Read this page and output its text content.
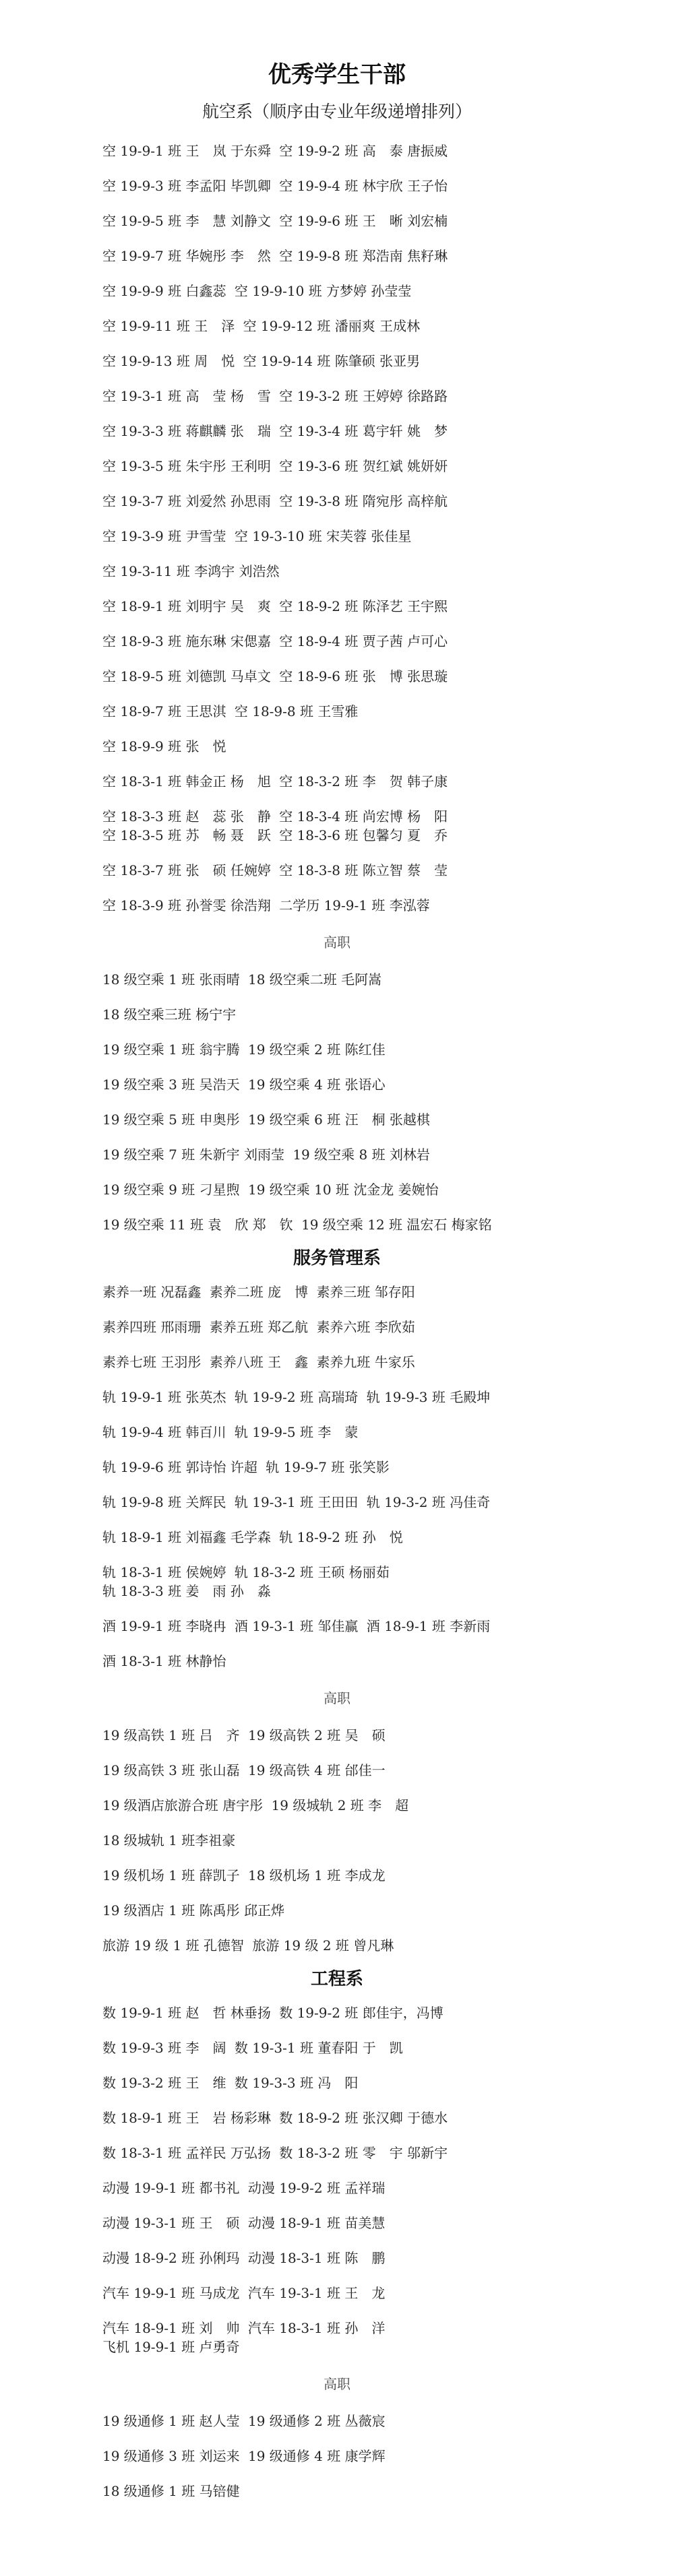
优秀学生干部
航空系（顺序由专业年级递增排列）
空 19-9-1 班 王　岚 于东舜 空 19-9-2 班 高　泰 唐振威
空 19-9-3 班 李孟阳 毕凯卿 空 19-9-4 班 林宇欣 王子怡
空 19-9-5 班 李　慧 刘静文 空 19-9-6 班 王　晰 刘宏楠
空 19-9-7 班 华婉彤 李　然 空 19-9-8 班 郑浩南 焦籽琳
空 19-9-9 班 白鑫蕊 空 19-9-10 班 方梦婷 孙莹莹
空 19-9-11 班 王　泽 空 19-9-12 班 潘丽爽 王成林
空 19-9-13 班 周　悦 空 19-9-14 班 陈肇硕 张亚男
空 19-3-1 班 高　莹 杨　雪 空 19-3-2 班 王婷婷 徐路路
空 19-3-3 班 蒋麒麟 张　瑞 空 19-3-4 班 葛宇轩 姚　梦
空 19-3-5 班 朱宇彤 王利明 空 19-3-6 班 贺红斌 姚妍妍
空 19-3-7 班 刘爱然 孙思雨 空 19-3-8 班 隋宛彤 高梓航
空 19-3-9 班 尹雪莹 空 19-3-10 班 宋芙蓉 张佳星
空 19-3-11 班 李鸿宇 刘浩然
空 18-9-1 班 刘明宇 吴　爽 空 18-9-2 班 陈泽艺 王宇熙
空 18-9-3 班 施东琳 宋偲嘉 空 18-9-4 班 贾子茜 卢可心
空 18-9-5 班 刘德凯 马卓文 空 18-9-6 班 张　博 张思璇
空 18-9-7 班 王思淇 空 18-9-8 班 王雪雅
空 18-9-9 班 张　悦
空 18-3-1 班 韩金正 杨　旭 空 18-3-2 班 李　贺 韩子康
空 18-3-3 班 赵　蕊 张　静 空 18-3-4 班 尚宏博 杨　阳
空 18-3-5 班 苏　畅 聂　跃 空 18-3-6 班 包馨匀 夏　乔
空 18-3-7 班 张　硕 任婉婷 空 18-3-8 班 陈立智 蔡　莹
空 18-3-9 班 孙誉雯 徐浩翔 二学历 19-9-1 班 李泓蓉
高职
18 级空乘 1 班 张雨晴 18 级空乘二班 毛阿嵩
18 级空乘三班 杨宁宇
19 级空乘 1 班 翁宇腾 19 级空乘 2 班 陈红佳
19 级空乘 3 班 吴浩天 19 级空乘 4 班 张语心
19 级空乘 5 班 申奥彤 19 级空乘 6 班 汪　桐 张越棋
19 级空乘 7 班 朱新宇 刘雨莹 19 级空乘 8 班 刘林岩
19 级空乘 9 班 刁星煦 19 级空乘 10 班 沈金龙 姜婉怡
19 级空乘 11 班 袁　欣 郑　钦 19 级空乘 12 班 温宏石 梅家铭
服务管理系
素养一班 况磊鑫 素养二班 庞　博 素养三班 邹存阳
素养四班 邢雨珊 素养五班 郑乙航 素养六班 李欣茹
素养七班 王羽彤 素养八班 王　鑫 素养九班 牛家乐
轨 19-9-1 班 张英杰 轨 19-9-2 班 高瑞琦 轨 19-9-3 班 毛殿坤
轨 19-9-4 班 韩百川 轨 19-9-5 班 李　蒙
轨 19-9-6 班 郭诗怡 许超 轨 19-9-7 班 张笑影
轨 19-9-8 班 关辉民 轨 19-3-1 班 王田田 轨 19-3-2 班 冯佳奇
轨 18-9-1 班 刘福鑫 毛学森 轨 18-9-2 班 孙　悦
轨 18-3-1 班 侯婉婷 轨 18-3-2 班 王硕 杨丽茹
轨 18-3-3 班 姜　雨 孙　淼
酒 19-9-1 班 李晓冉 酒 19-3-1 班 邹佳赢 酒 18-9-1 班 李新雨
酒 18-3-1 班 林静怡
高职
19 级高铁 1 班 吕　齐 19 级高铁 2 班 吴　硕
19 级高铁 3 班 张山磊 19 级高铁 4 班 邰佳一
19 级酒店旅游合班 唐宇彤 19 级城轨 2 班 李　超
18 级城轨 1 班李祖豪
19 级机场 1 班 薛凯子 18 级机场 1 班 李成龙
19 级酒店 1 班 陈禹彤 邱正烨
旅游 19 级 1 班 孔德智 旅游 19 级 2 班 曾凡琳
工程系
数 19-9-1 班 赵　哲 林垂扬 数 19-9-2 班 郎佳宇，冯博
数 19-9-3 班 李　阔 数 19-3-1 班 董春阳 于　凯
数 19-3-2 班 王　维 数 19-3-3 班 冯　阳
数 18-9-1 班 王　岩 杨彩琳 数 18-9-2 班 张汉卿 于德水
数 18-3-1 班 孟祥民 万弘扬 数 18-3-2 班 零　宇 邬新宇
动漫 19-9-1 班 都书礼 动漫 19-9-2 班 孟祥瑞
动漫 19-3-1 班 王　硕 动漫 18-9-1 班 苗美慧
动漫 18-9-2 班 孙俐玛 动漫 18-3-1 班 陈　鹏
汽车 19-9-1 班 马成龙 汽车 19-3-1 班 王　龙
汽车 18-9-1 班 刘　帅 汽车 18-3-1 班 孙　洋
飞机 19-9-1 班 卢勇奇
高职
19 级通修 1 班 赵人莹 19 级通修 2 班 丛薇宸
19 级通修 3 班 刘运来 19 级通修 4 班 康学辉
18 级通修 1 班 马锫健
